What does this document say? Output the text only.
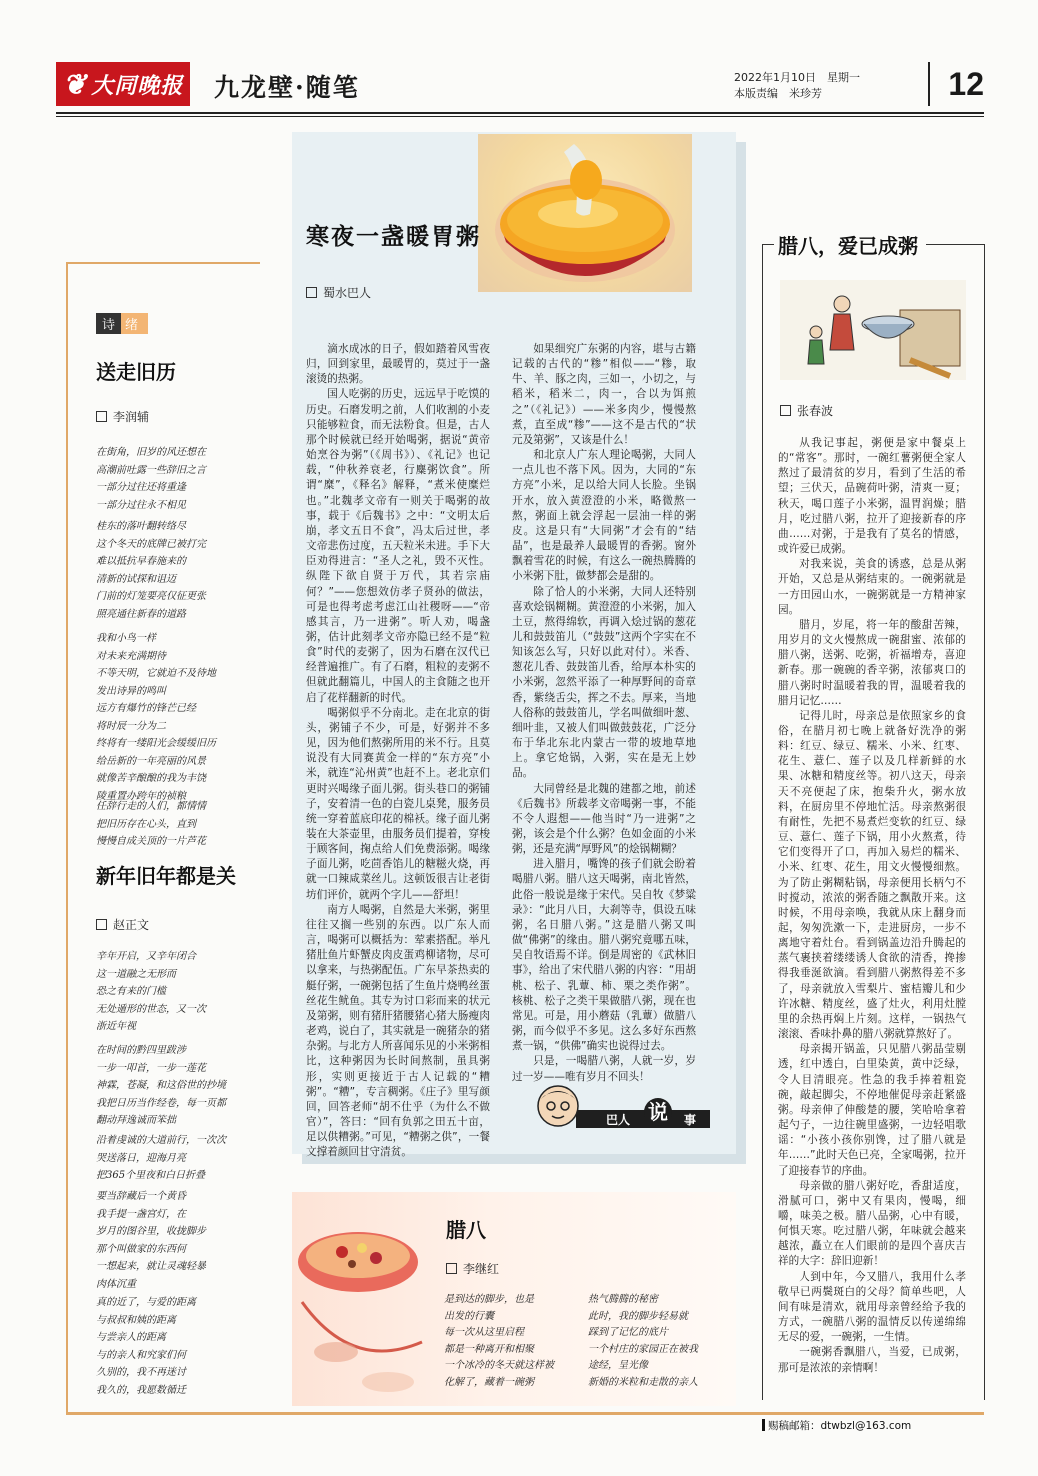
❦ 大同晚报 九龙壁·随笔	2022年1月10日　星期一
本版责编　米珍芳	12
诗 绪
送走旧历
李润辅
在街角，旧岁的风还想在
高潮前吐露一些辞旧之言
一部分过往还将重逢
一部分过往永不相见
桂东的落叶翻转络尽
这个冬天的底牌已被打完
难以抵抗早春施来的
清新的试探和诅迈
门前的灯笼要亮仅征更张
照亮通往新春的道路
我和小鸟一样
对未来充满期待
不等天明，它就迫不及待地
发出诗异的鸣叫
远方有爆竹的锋芒已经
将时辰一分为二
终将有一缕阳光会缓缓旧历
给岳新的一年亮丽的风景
就像苦辛酿酿的我为丰饶
陵重置办跨年的祯粮
任辞行走的人们，都情情
把旧历存在心头，直到
慢慢自成关顶的一片芦花
新年旧年都是关
赵正文
辛年开启，又辛年闭合
这一道融之无形而
恐之有来的门槛
无处遁形的世态，又一次
浙近年视
在时间的黔四里跋涉
一步一叩首，一步一莲花
神霖，苍凝，和这俗世的抄境
我把日历当作经卷，每一页都
翻动拜逸诚而笨拙
沿着虔诚的大道前行，一次次
哭送落日，迎海月亮
把365个里夜和白日折叠
要当辞藏后一个黄昏
我手提一盏宫灯，在
岁月的图谷里，收拢脚步
那个叫做家的东西何
一想起来，就让灵魂轻暴
肉体沉重
真的近了，与爱的距离
与叔叔和姨的距离
与尝亲人的距离
与的亲人和究家们何
久别的，我不再迷讨
我久的，我愿数循迁
寒夜一盏暖胃粥
蜀水巴人

滴水成冰的日子，假如踏着风雪夜归，回到家里，最暖胃的，莫过于一盏滚烫的热粥。

国人吃粥的历史，远远早于吃馍的历史。石磨发明之前，人们收割的小麦只能够粒食，而无法粉食。但是，古人那个时候就已经开始喝粥，据说“黄帝始烹谷为粥”（《周书》）、《礼记》也记载，“仲秋养衰老，行麋粥饮食”。所谓“糜”，《释名》解释，“煮米使糜烂也。”北魏孝文帝有一则关于喝粥的故事，载于《后魏书》之中：“文明太后崩，孝文五日不食”，冯太后过世，孝文帝悲伤过度，五天粒米未进。手下大臣劝得进言：“圣人之礼，毁不灭性。纵陛下欲自贤于万代，其若宗庙何？”——您想效仿孝子贤孙的做法，可是也得考虑考虑江山社稷呀——“帝感其言，乃一进粥”。听人劝，喝盏粥，估计此刻孝文帝亦隐已经不是“粒食”时代的麦粥了，因为石磨在汉代已经普遍推广。有了石磨，粗粒的麦粥不但就此翻篇儿，中国人的主食随之也开启了花样翻新的时代。

喝粥似乎不分南北。走在北京的街头，粥铺子不少，可是，好粥并不多见，因为他们熬粥所用的米不行。且莫说没有大同赛黄金一样的“东方亮”小米，就连“沁州黄”也赶不上。老北京们更时兴喝缘子面儿粥。街头巷口的粥铺子，安着清一色的白瓷儿桌凳，服务员统一穿着蓝底印花的棉袄。缘子面儿粥装在大茶壶里，由服务员们提着，穿梭于顾客间，掬点给人们免费添粥。喝缘子面儿粥，吃茴香馅儿的糖糍火烧，再就一口辣咸菜丝儿。这顿饭很吉让老街坊们评价，就两个字儿——舒坦！

南方人喝粥，自然是大米粥，粥里往往又搁一些别的东西。以广东人而言，喝粥可以概括为：荤素搭配。举凡猪肚鱼片虾蟹皮肉皮蛋鸡柳诸物，尽可以拿来，与热粥配伍。广东早茶热卖的艇仔粥，一碗粥包括了生鱼片烧鸭丝蛋丝花生鱿鱼。其专为讨口彩而来的状元及第粥，则有猪肝猪腰猪心猪大肠瘦肉老鸡，说白了，其实就是一碗猪杂的猪杂粥。与北方人所喜闻乐见的小米粥相比，这种粥因为长时间熬制，虽具粥形，实则更接近于古人记载的“糟粥”。“糟”，专言稠粥。《庄子》里写颜回，回答老师“胡不仕乎（为什么不做官）”，答曰：“回有负郭之田五十亩，足以供糟粥。”可见，“糟粥之供”，一餐文撑着颜回甘守清贫。

如果细究广东粥的内容，堪与古籍记载的古代的“糁”相似——“糁，取牛、羊、豚之肉，三如一，小切之，与稻米，稻米二，肉一，合以为饵煎之”（《礼记》）——米多肉少，慢慢熬煮，直至成“糁”——这不是古代的“状元及第粥”，又该是什么！

和北京人广东人理论喝粥，大同人一点儿也不落下风。因为，大同的“东方亮”小米，足以给大同人长脸。坐锅开水，放入黄澄澄的小米，略微熬一熬，粥面上就会浮起一层油一样的粥皮。这是只有“大同粥”才会有的“结晶”，也是最养人最暖胃的香粥。窗外飘着雪花的时候，有这么一碗热腾腾的小米粥下肚，做梦都会是甜的。

除了恰人的小米粥，大同人还特别喜欢烩锅糊糊。黄澄澄的小米粥，加入土豆，熬得绵软，再调入烩过锅的葱花儿和鼓鼓笛儿（“鼓鼓”这两个字实在不知该怎么写，只好以此对付）。米香、葱花儿香、鼓鼓笛儿香，给厚本朴实的小米粥，忽然平添了一种厚野间的奇章香，紫绕舌尖，挥之不去。厚来，当地人俗称的鼓鼓笛儿，学名叫做细叶葱、细叶韭，又被人们叫做鼓鼓花，广泛分布于华北东北内蒙古一带的坡地草地上。拿它炝锅，入粥，实在是无上妙品。

大同曾经是北魏的建都之地，前述《后魏书》所载孝文帝喝粥一事，不能不令人遐想——他当时“乃一进粥”之粥，该会是个什么粥？色如金面的小米粥，还是充满“厚野风”的烩锅糊糊？

进入腊月，嘴馋的孩子们就会盼着喝腊八粥。腊八这天喝粥，南北皆然，此俗一般说是缘于宋代。吴自牧《梦粱录》：“此月八日，大刹等寺，俱设五味粥，名日腊八粥。”这是腊八粥又叫做“佛粥”的缘由。腊八粥究竟哪五味，吴自牧语焉不详。倒是周密的《武林旧事》，给出了宋代腊八粥的内容：“用胡桃、松子、乳蕈、柿、栗之类作粥”。核桃、松子之类干果做腊八粥，现在也常见。可是，用小蘑菇（乳蕈）做腊八粥，而今似乎不多见。这么多好东西熬煮一锅，“供佛”确实也说得过去。

只是，一喝腊八粥，人就一岁，岁过一岁——唯有岁月不回头！

巴人 说	事
腊八
李继红
是到达的脚步，也是
出发的行囊
每一次从这里启程
都是一种离开和相聚
一个冰冷的冬天就这样被
化解了，藏着一碗粥
热气腾腾的秘密
此时，我的脚步轻易就
踩到了记忆的底片
一个村庄的家园正在被我
途经，呈光像
新婚的米粒和走散的亲人
腊八，爱已成粥
张春波

从我记事起，粥便是家中餐桌上的“常客”。那时，一碗红薯粥便全家人熬过了最清贫的岁月，看到了生活的希望；三伏天，品碗荷叶粥，清爽一夏；秋天，喝口莲子小米粥，温胃润燥；腊月，吃过腊八粥，拉开了迎接新春的序曲……对粥，于是我有了莫名的情感，或许爱已成粥。

对我来说，美食的诱惑，总是从粥开始，又总是从粥结束的。一碗粥就是一方田园山水，一碗粥就是一方精神家园。

腊月，岁尾，将一年的酸甜苦辣，用岁月的文火慢熬成一碗甜蜜、浓郁的腊八粥，送粥、吃粥，祈福增寿，喜迎新春。那一碗碗的香辛粥，浓郁爽口的腊八粥时时温暖着我的胃，温暖着我的腊月记忆……

记得儿时，母亲总是依照家乡的食俗，在腊月初七晚上就备好洗净的粥料：红豆、绿豆、糯米、小米、红枣、花生、薏仁、莲子以及几样新鲜的水果、冰糖和精度丝等。初八这天，母亲天不亮便起了床，抱柴升火，粥水放料，在厨房里不停地忙活。母亲熬粥很有耐性，先把不易煮烂变软的红豆、绿豆、薏仁、莲子下锅，用小火熬煮，待它们变得开了口，再加入易烂的糯米、小米、红枣、花生，用文火慢慢细熬。为了防止粥糊粘锅，母亲便用长柄勺不时搅动，浓浓的粥香随之飘散开来。这时候，不用母亲唤，我就从床上翻身而起，匆匆洗漱一下，走进厨房，一步不离地守着灶台。看到锅盖边沿升腾起的蒸气裹挟着缕缕诱人食欲的清香，搀掺得我垂涎欲滴。看到腊八粥熬得差不多了，母亲就放入雪梨片、蜜桔瓣儿和少许冰糖、精度丝，盛了灶火，利用灶膛里的余热再焖上片刻。这样，一锅热气滚滚、香味扑鼻的腊八粥就算熬好了。

母亲揭开锅盖，只见腊八粥晶莹剔透，红中透白，白里染黄，黄中泛绿，令人目清眼亮。性急的我手捧着粗瓷碗，敲起脚尖，不停地催促母亲赶紧盛粥。母亲伸了伸酸楚的腰，笑哈哈拿着起勺子，一边往碗里盛粥，一边轻唱歌谣：“小孩小孩你别馋，过了腊八就是年……”此时天色已亮，全家喝粥，拉开了迎接春节的序曲。

母亲做的腊八粥好吃，香甜适度，滑腻可口，粥中又有果肉，慢喝，细嚼，味美之极。腊八品粥，心中有暖，何惧天寒。吃过腊八粥，年味就会越来越浓，矗立在人们眼前的是四个喜庆吉祥的大字：辞旧迎新！

人到中年，今又腊八，我用什么孝敬早已两鬓斑白的父母？简单些吧，人间有味是清欢，就用母亲曾经给予我的方式，一碗腊八粥的温情反以传递绵绵无尽的爱，一碗粥，一生情。

一碗粥香飘腊八，当爱，已成粥，那可是浓浓的亲情啊！

赐稿邮箱：dtwbzl@163.com
